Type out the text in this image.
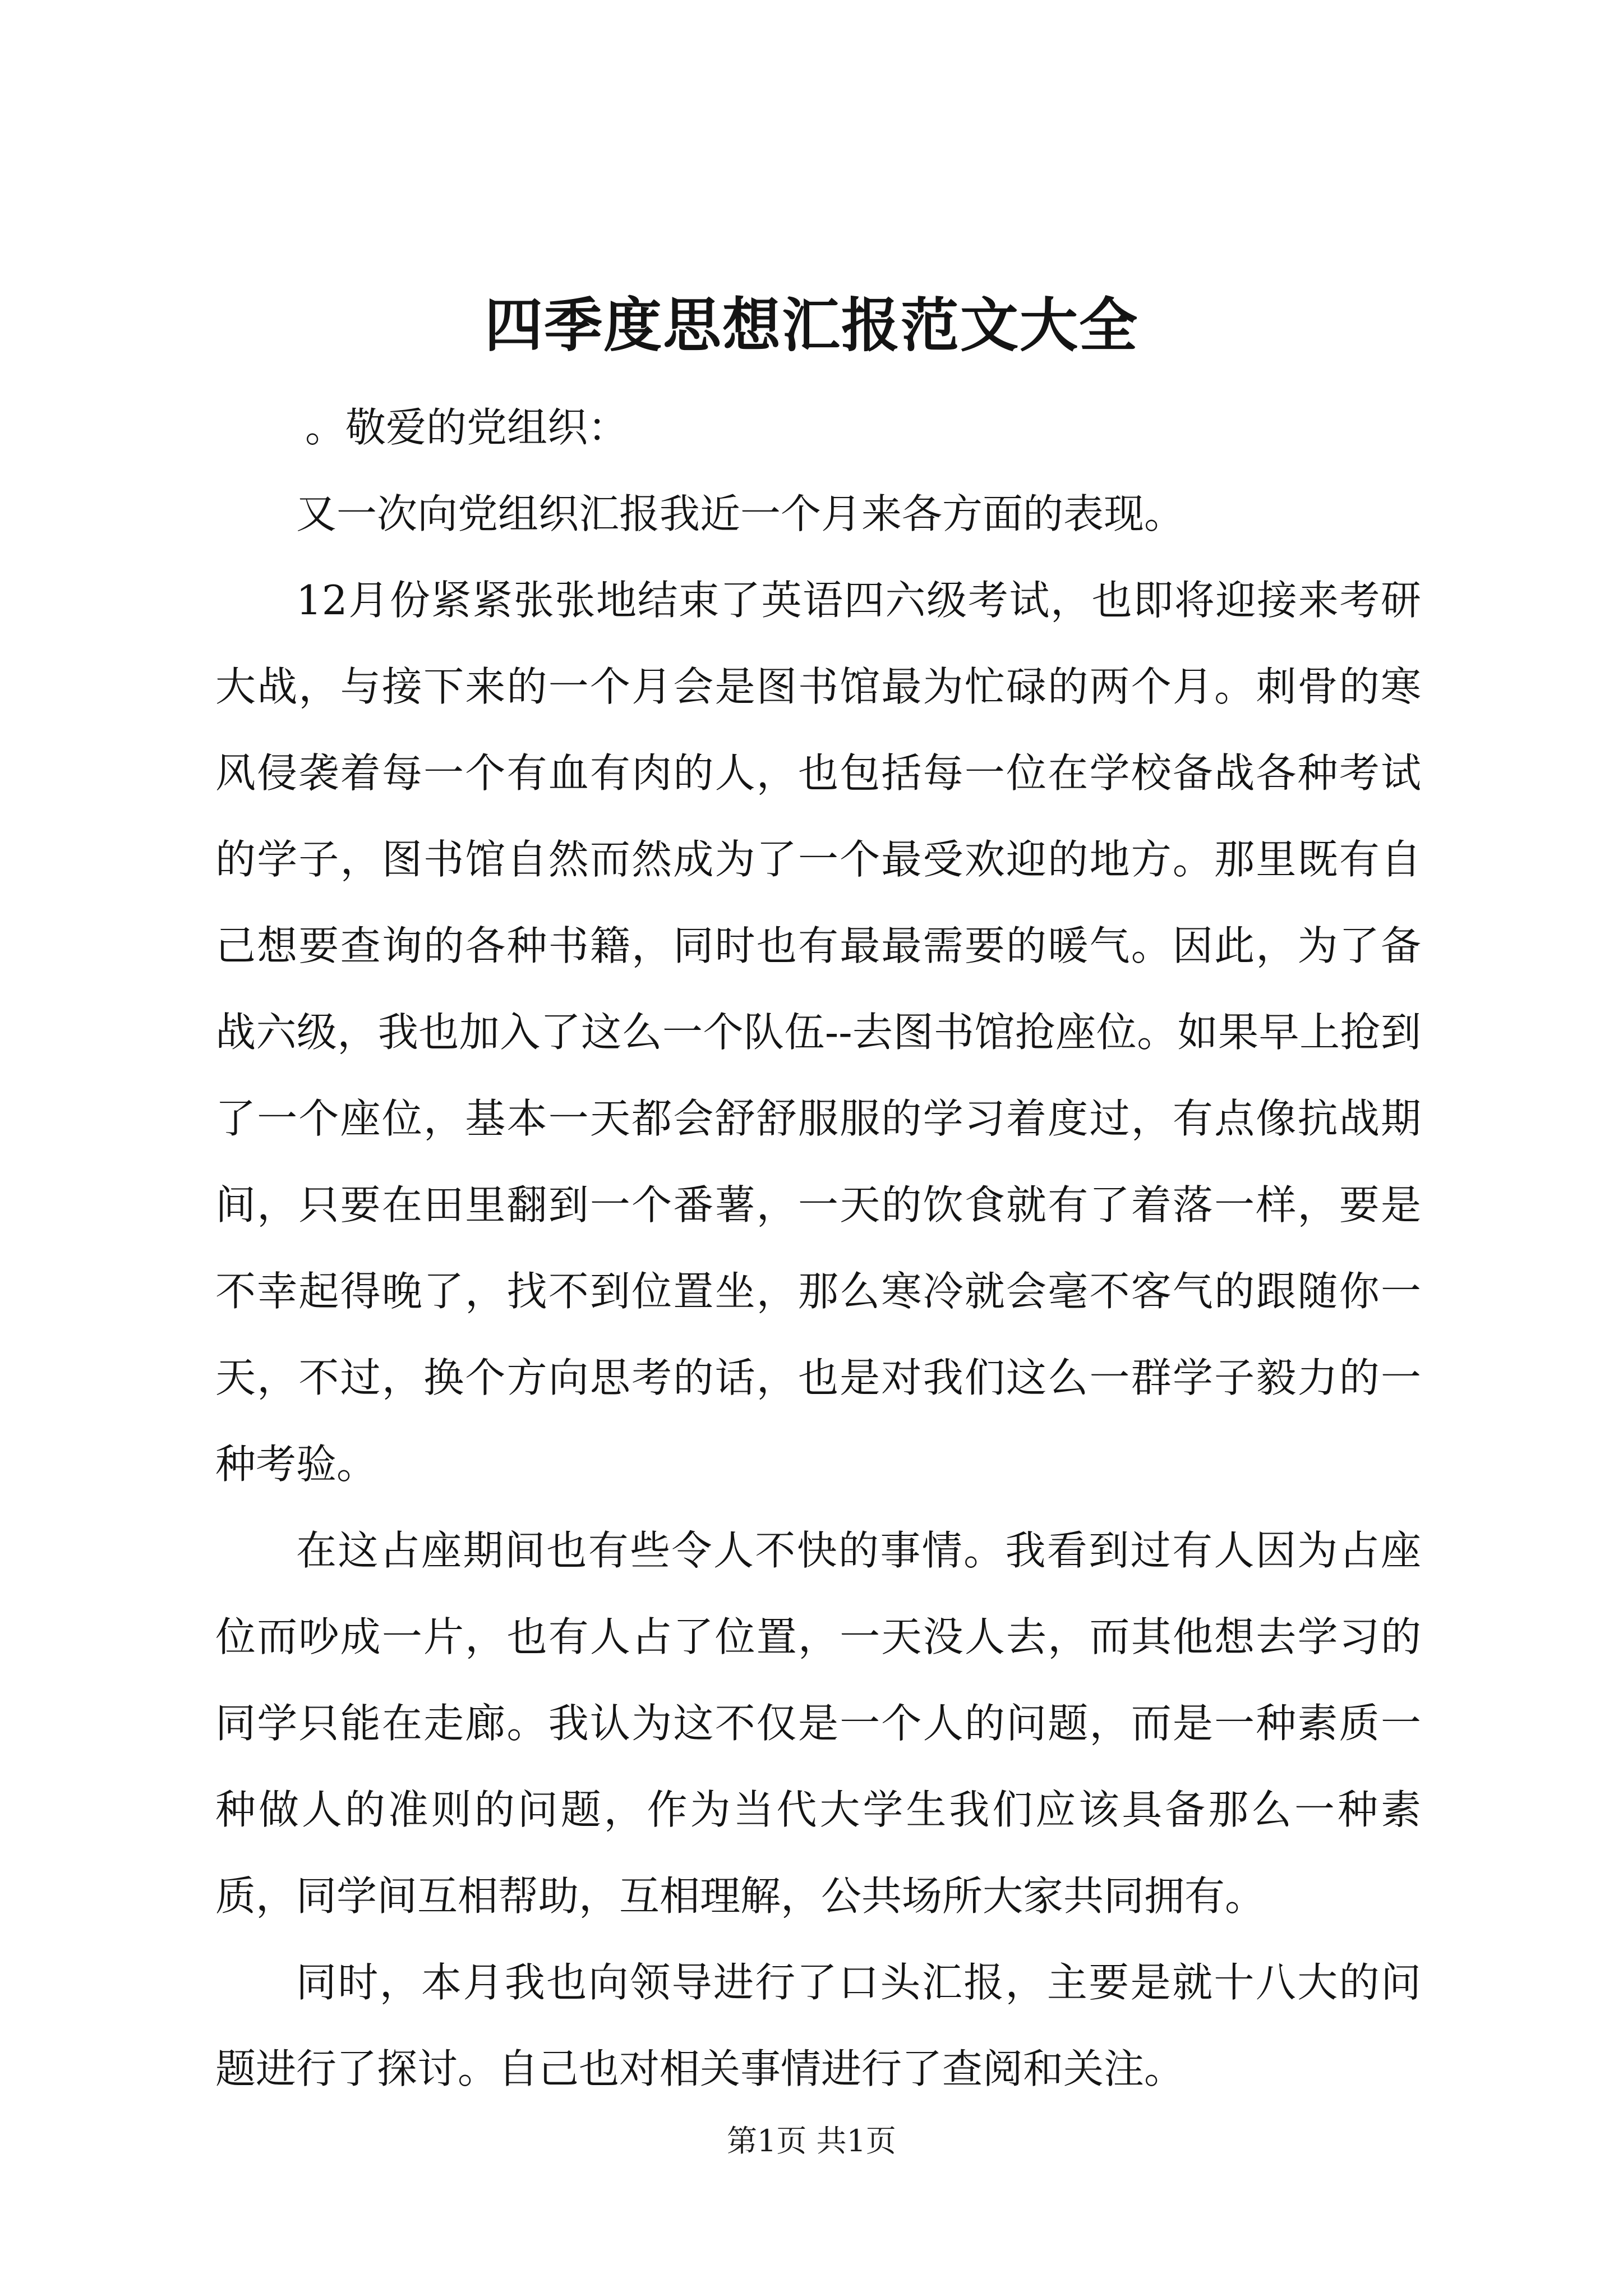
四季度思想汇报范文大全

。敬爱的党组织：

又一次向党组织汇报我近一个月来各方面的表现。

12月份紧紧张张地结束了英语四六级考试，也即将迎接来考研大战，与接下来的一个月会是图书馆最为忙碌的两个月。刺骨的寒风侵袭着每一个有血有肉的人，也包括每一位在学校备战各种考试的学子，图书馆自然而然成为了一个最受欢迎的地方。那里既有自己想要查询的各种书籍，同时也有最最需要的暖气。因此，为了备战六级，我也加入了这么一个队伍--去图书馆抢座位。如果早上抢到了一个座位，基本一天都会舒舒服服的学习着度过，有点像抗战期间，只要在田里翻到一个番薯，一天的饮食就有了着落一样，要是不幸起得晚了，找不到位置坐，那么寒冷就会毫不客气的跟随你一天，不过，换个方向思考的话，也是对我们这么一群学子毅力的一种考验。

在这占座期间也有些令人不快的事情。我看到过有人因为占座位而吵成一片，也有人占了位置，一天没人去，而其他想去学习的同学只能在走廊。我认为这不仅是一个人的问题，而是一种素质一种做人的准则的问题，作为当代大学生我们应该具备那么一种素质，同学间互相帮助，互相理解，公共场所大家共同拥有。

同时，本月我也向领导进行了口头汇报，主要是就十八大的问题进行了探讨。自己也对相关事情进行了查阅和关注。

第1页 共1页
